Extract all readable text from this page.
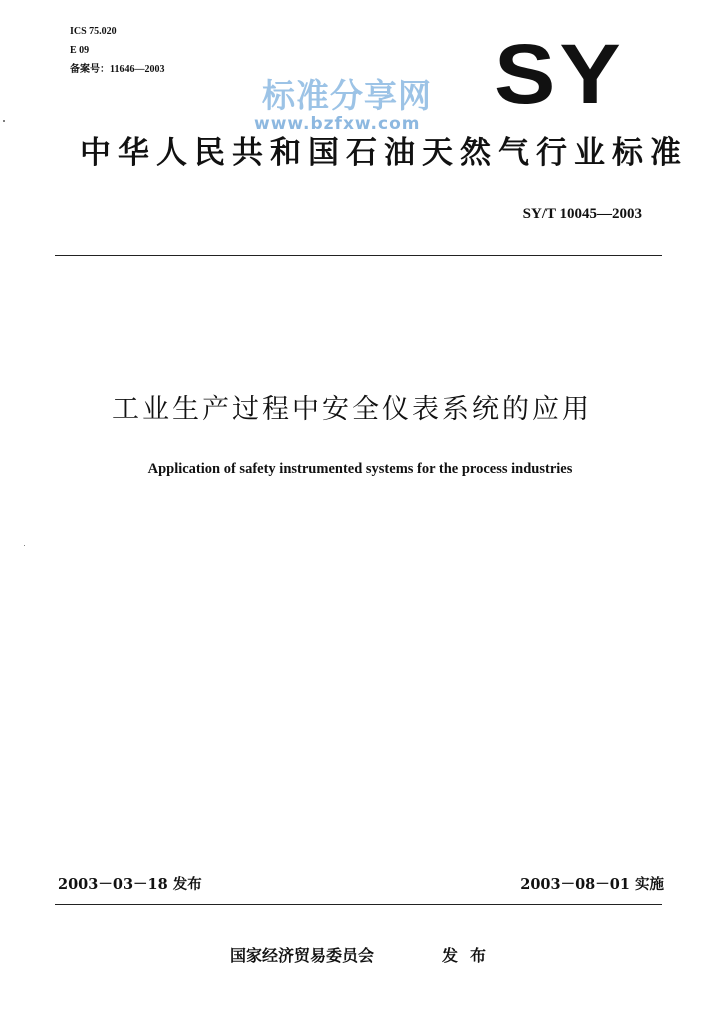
ICS 75.020
E 09
备案号：11646—2003	SY
标准分享网
www.bzfxw.com
中华人民共和国石油天然气行业标准
SY/T 10045—2003
工业生产过程中安全仪表系统的应用
Application of safety instrumented systems for the process industries
2003－03－18 发布	2003－08－01 实施
国家经济贸易委员会	发布
